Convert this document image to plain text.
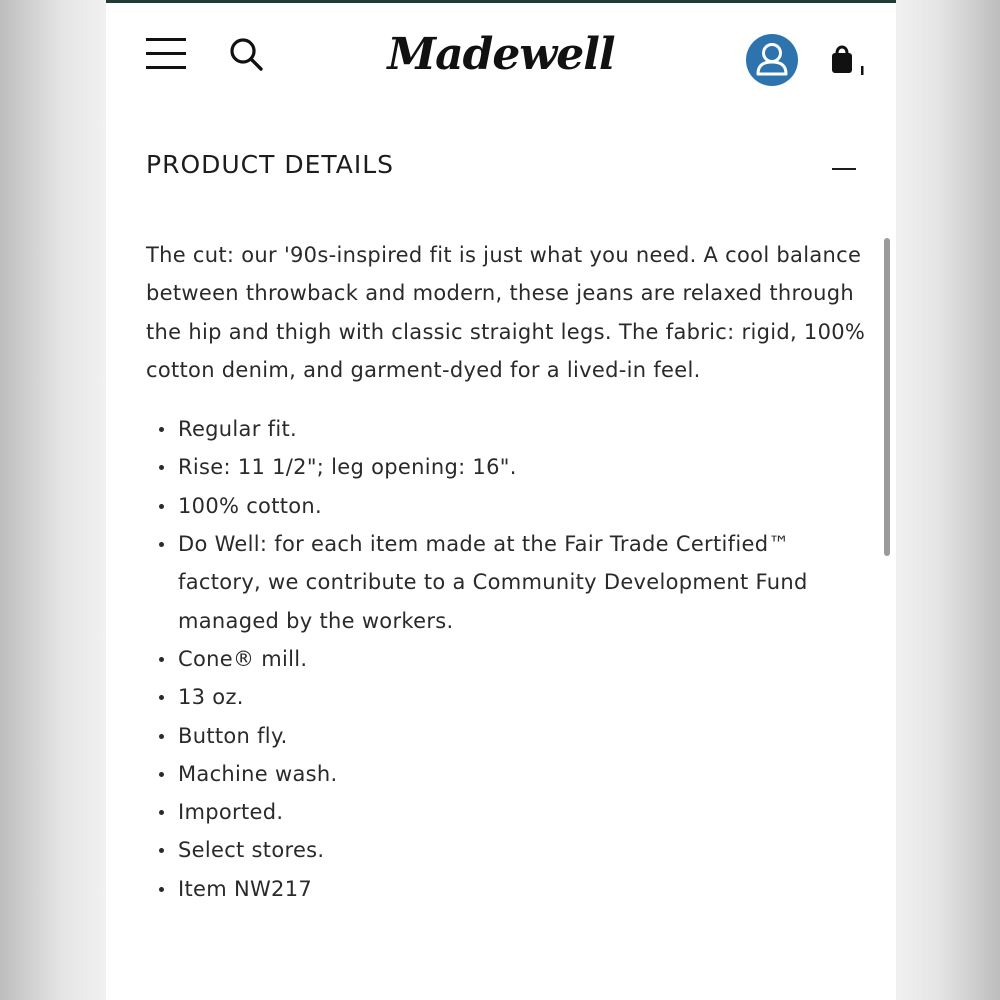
Madewell
PRODUCT DETAILS

The cut: our '90s-inspired fit is just what you need. A cool balance between throwback and modern, these jeans are relaxed through the hip and thigh with classic straight legs. The fabric: rigid, 100% cotton denim, and garment-dyed for a lived-in feel.

Regular fit.
Rise: 11 1/2"; leg opening: 16".
100% cotton.
Do Well: for each item made at the Fair Trade Certified™ factory, we contribute to a Community Development Fund managed by the workers.
Cone® mill.
13 oz.
Button fly.
Machine wash.
Imported.
Select stores.
Item NW217
